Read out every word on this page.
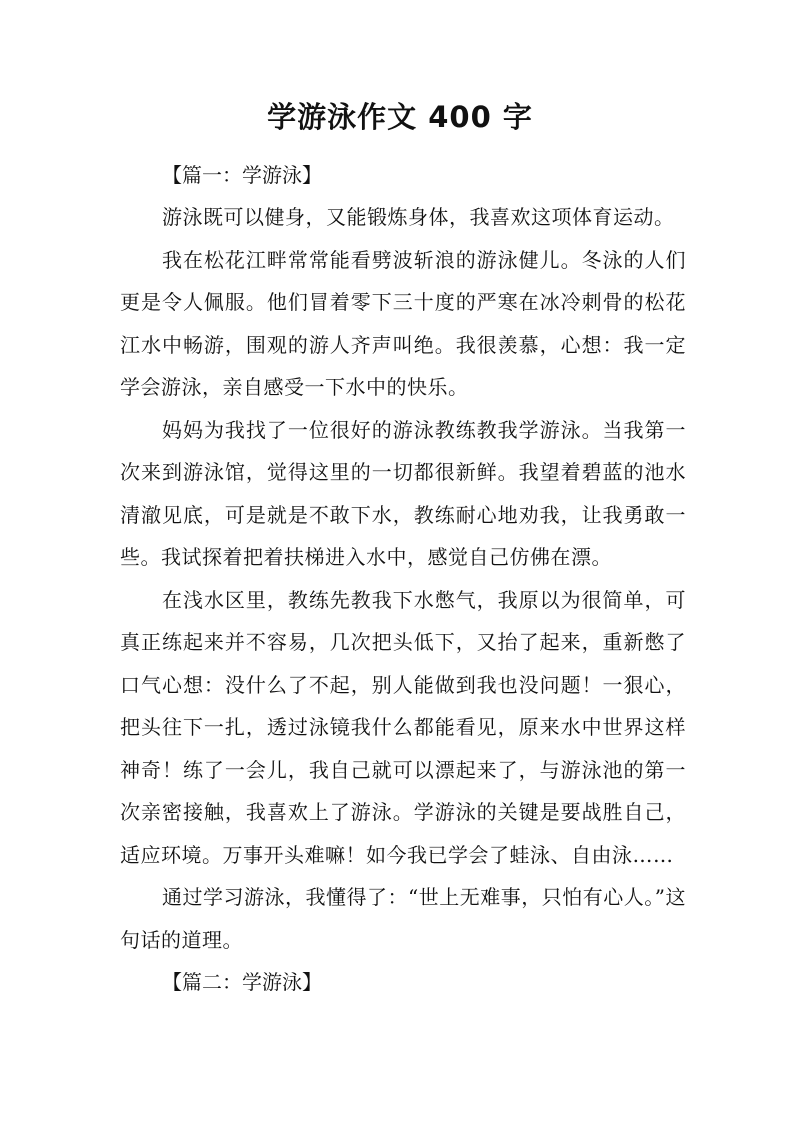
学游泳作文 400 字

【篇一：学游泳】

游泳既可以健身，又能锻炼身体，我喜欢这项体育运动。

我在松花江畔常常能看劈波斩浪的游泳健儿。冬泳的人们更是令人佩服。他们冒着零下三十度的严寒在冰冷刺骨的松花江水中畅游，围观的游人齐声叫绝。我很羡慕，心想：我一定学会游泳，亲自感受一下水中的快乐。

妈妈为我找了一位很好的游泳教练教我学游泳。当我第一次来到游泳馆，觉得这里的一切都很新鲜。我望着碧蓝的池水清澈见底，可是就是不敢下水，教练耐心地劝我，让我勇敢一些。我试探着把着扶梯进入水中，感觉自己仿佛在漂。

在浅水区里，教练先教我下水憋气，我原以为很简单，可真正练起来并不容易，几次把头低下，又抬了起来，重新憋了口气心想：没什么了不起，别人能做到我也没问题！一狠心，把头往下一扎，透过泳镜我什么都能看见，原来水中世界这样神奇！练了一会儿，我自己就可以漂起来了，与游泳池的第一次亲密接触，我喜欢上了游泳。学游泳的关键是要战胜自己，适应环境。万事开头难嘛！如今我已学会了蛙泳、自由泳……

通过学习游泳，我懂得了：“世上无难事，只怕有心人。”这句话的道理。

【篇二：学游泳】
